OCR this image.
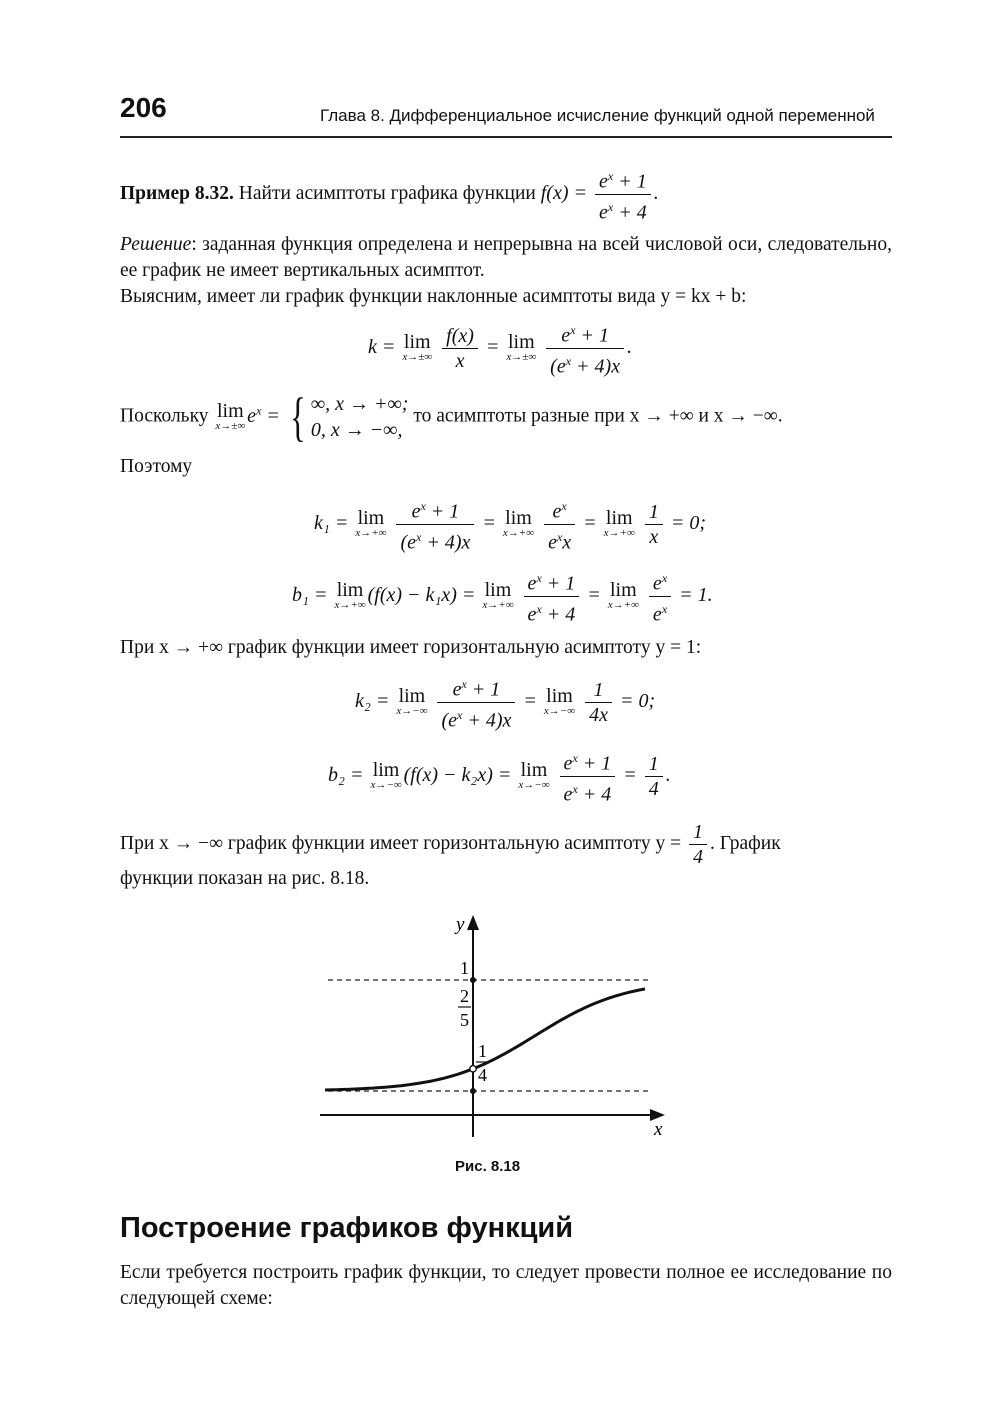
206	Глава 8. Дифференциальное исчисление функций одной переменной
Пример 8.32. Найти асимптоты графика функции $f(x) = \frac{e^x + 1}{e^x + 4}$ .
Решение: заданная функция определена и непрерывна на всей числовой оси, следовательно, ее график не имеет вертикальных асимптот.
Выясним, имеет ли график функции наклонные асимптоты вида y = kx + b:
k = lim
x→±∞
$\frac{f(x)}{x} = \lim$
x→±∞
$\frac{e^x + 1}{(e^x + 4)x}$ .
Поскольку lim
x→±∞ $e^x$ = { ∞, x → +∞;
0, x → −∞,
то асимптоты разные при x → +∞ и x → −∞.
Поэтому
k₁ = lim
x→+∞
$\frac{e^x + 1}{(e^x + 4)x} = \lim$
x→+∞
$\frac{e^x}{e^xx} = \lim$
x→+∞
$\frac{1}{x} = 0$;
b₁ = lim
x→+∞ (f(x) − k₁x) = lim
x→+∞
$\frac{e^x + 1}{e^x + 4} = \lim$
x→+∞
$\frac{e^x}{e^x} = 1$.
При x → +∞ график функции имеет горизонтальную асимптоту y = 1:
k₂ = lim
x→−∞
$\frac{e^x + 1}{(e^x + 4)x} = \lim$
x→−∞
$\frac{1}{4x} = 0$;
b₂ = lim
x→−∞ (f(x) − k₂x) = lim
x→−∞
$\frac{e^x + 1}{e^x + 4} = \frac{1}{4}$ .
При x → −∞ график функции имеет горизонтальную асимптоту $y = \frac{1}{4}$ . График
функции показан на рис. 8.18.
y
x
1
2
5
1
4
Рис. 8.18
Построение графиков функций
Если требуется построить график функции, то следует провести полное ее исследование по следующей схеме:
